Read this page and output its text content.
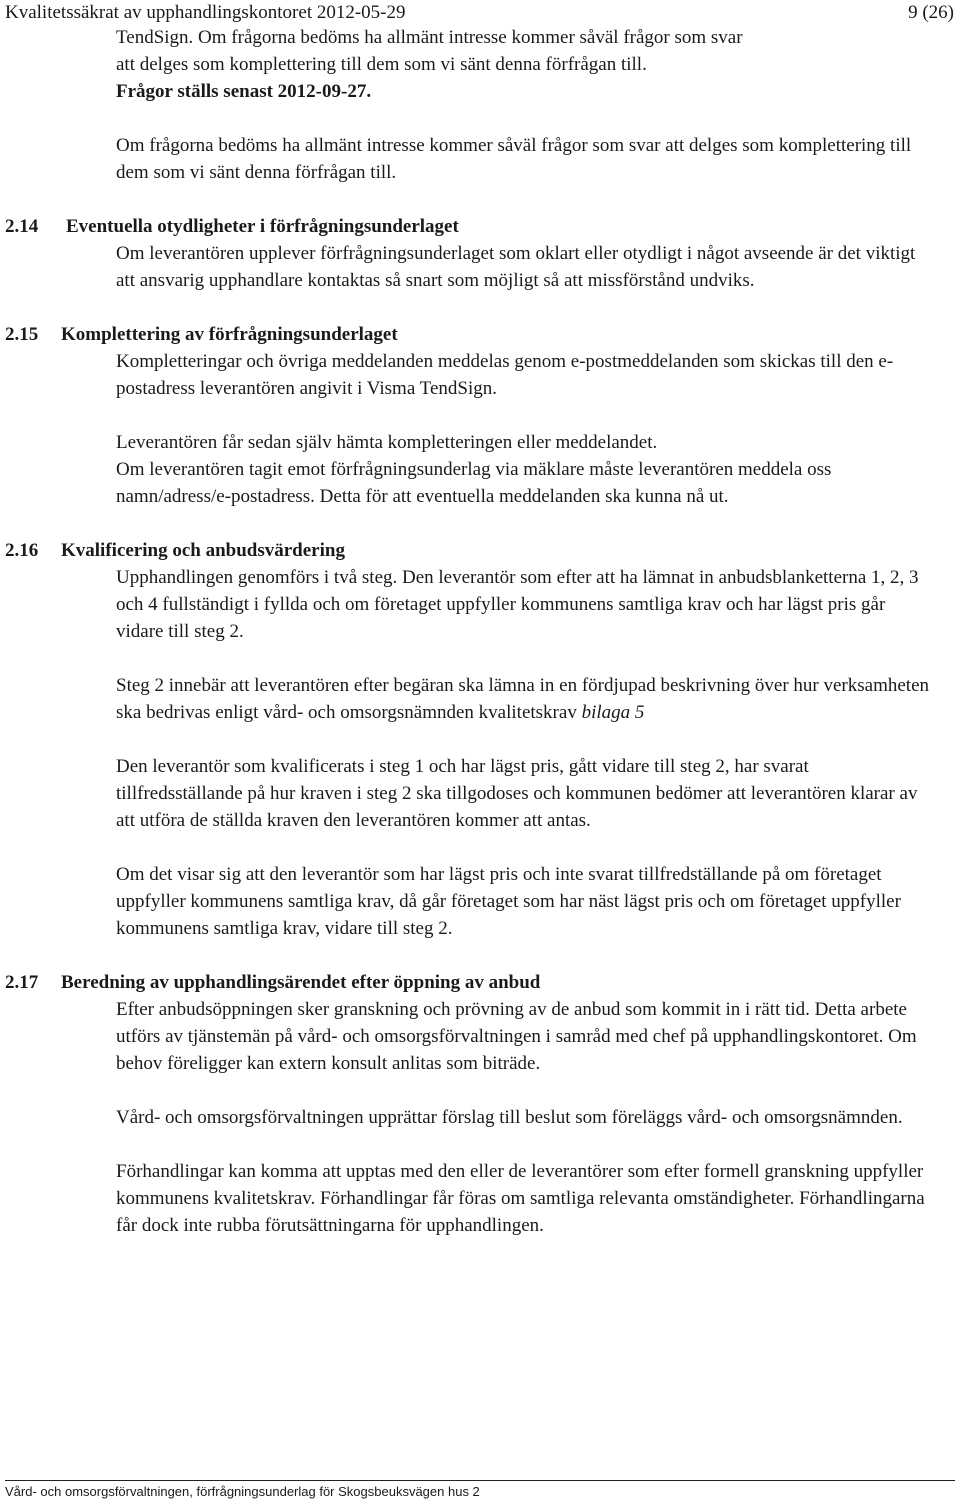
Kvalitetssäkrat av upphandlingskontoret 2012-05-29	9 (26)

TendSign. Om frågorna bedöms ha allmänt intresse kommer såväl frågor som svar

att delges som komplettering till dem som vi sänt denna förfrågan till.

Frågor ställs senast 2012-09-27.

Om frågorna bedöms ha allmänt intresse kommer såväl frågor som svar att delges som komplettering till dem som vi sänt denna förfrågan till.

2.14 Eventuella otydligheter i förfrågningsunderlaget

Om leverantören upplever förfrågningsunderlaget som oklart eller otydligt i något avseende är det viktigt att ansvarig upphandlare kontaktas så snart som möjligt så att missförstånd undviks.

2.15 Komplettering av förfrågningsunderlaget

Kompletteringar och övriga meddelanden meddelas genom e-postmeddelanden som skickas till den e-postadress leverantören angivit i Visma TendSign.

Leverantören får sedan själv hämta kompletteringen eller meddelandet.

Om leverantören tagit emot förfrågningsunderlag via mäklare måste leverantören meddela oss namn/adress/e-postadress. Detta för att eventuella meddelanden ska kunna nå ut.

2.16 Kvalificering och anbudsvärdering

Upphandlingen genomförs i två steg. Den leverantör som efter att ha lämnat in anbudsblanketterna 1, 2, 3 och 4 fullständigt i fyllda och om företaget uppfyller kommunens samtliga krav och har lägst pris går vidare till steg 2.

Steg 2 innebär att leverantören efter begäran ska lämna in en fördjupad beskrivning över hur verksamheten ska bedrivas enligt vård- och omsorgsnämnden kvalitetskrav bilaga 5

Den leverantör som kvalificerats i steg 1 och har lägst pris, gått vidare till steg 2, har svarat tillfredsställande på hur kraven i steg 2 ska tillgodoses och kommunen bedömer att leverantören klarar av att utföra de ställda kraven den leverantören kommer att antas.

Om det visar sig att den leverantör som har lägst pris och inte svarat tillfredställande på om företaget uppfyller kommunens samtliga krav, då går företaget som har näst lägst pris och om företaget uppfyller kommunens samtliga krav, vidare till steg 2.

2.17 Beredning av upphandlingsärendet efter öppning av anbud

Efter anbudsöppningen sker granskning och prövning av de anbud som kommit in i rätt tid. Detta arbete utförs av tjänstemän på vård- och omsorgsförvaltningen i samråd med chef på upphandlingskontoret. Om behov föreligger kan extern konsult anlitas som biträde.

Vård- och omsorgsförvaltningen upprättar förslag till beslut som föreläggs vård- och omsorgsnämnden.

Förhandlingar kan komma att upptas med den eller de leverantörer som efter formell granskning uppfyller kommunens kvalitetskrav. Förhandlingar får föras om samtliga relevanta omständigheter. Förhandlingarna får dock inte rubba förutsättningarna för upphandlingen.

Vård- och omsorgsförvaltningen, förfrågningsunderlag för Skogsbeuksvägen hus 2
